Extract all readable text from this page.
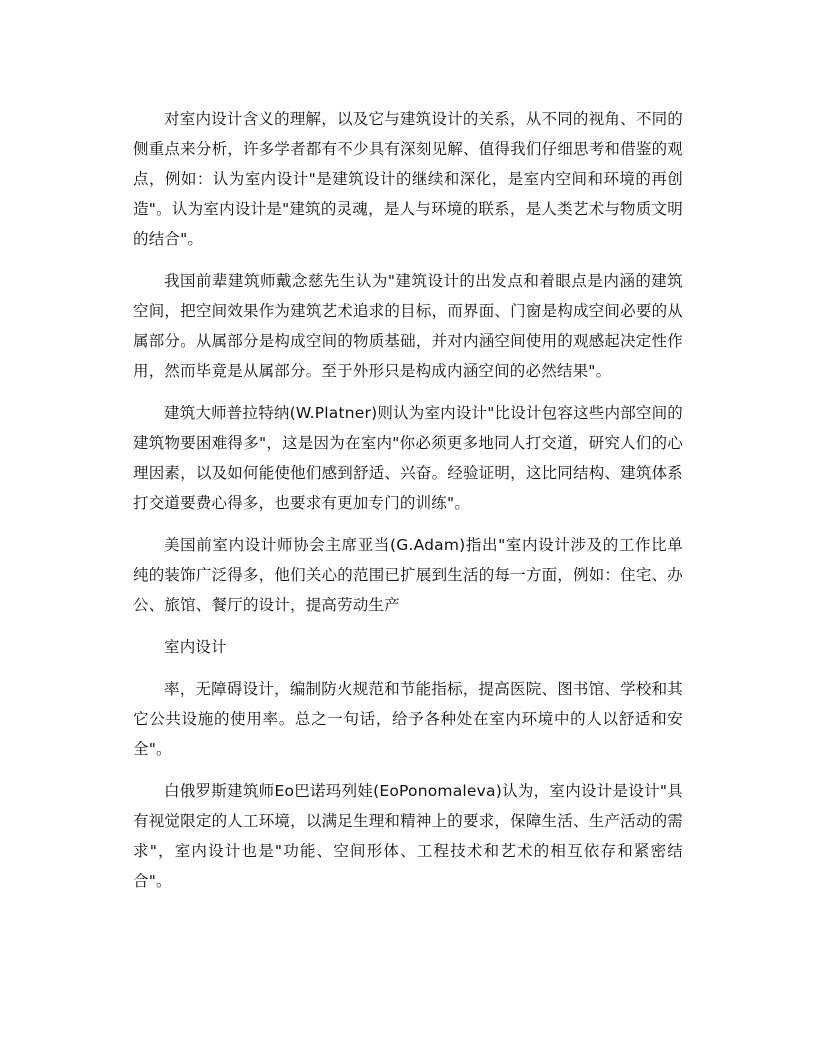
对室内设计含义的理解，以及它与建筑设计的关系，从不同的视角、不同的侧重点来分析，许多学者都有不少具有深刻见解、值得我们仔细思考和借鉴的观点，例如：认为室内设计"是建筑设计的继续和深化，是室内空间和环境的再创造"。认为室内设计是"建筑的灵魂，是人与环境的联系，是人类艺术与物质文明的结合"。

我国前辈建筑师戴念慈先生认为"建筑设计的出发点和着眼点是内涵的建筑空间，把空间效果作为建筑艺术追求的目标，而界面、门窗是构成空间必要的从属部分。从属部分是构成空间的物质基础，并对内涵空间使用的观感起决定性作用，然而毕竟是从属部分。至于外形只是构成内涵空间的必然结果"。

建筑大师普拉特纳(W.Platner)则认为室内设计"比设计包容这些内部空间的建筑物要困难得多"，这是因为在室内"你必须更多地同人打交道，研究人们的心理因素，以及如何能使他们感到舒适、兴奋。经验证明，这比同结构、建筑体系打交道要费心得多，也要求有更加专门的训练"。

美国前室内设计师协会主席亚当(G.Adam)指出"室内设计涉及的工作比单纯的装饰广泛得多，他们关心的范围已扩展到生活的每一方面，例如：住宅、办公、旅馆、餐厅的设计，提高劳动生产

室内设计

率，无障碍设计，编制防火规范和节能指标，提高医院、图书馆、学校和其它公共设施的使用率。总之一句话，给予各种处在室内环境中的人以舒适和安全"。

白俄罗斯建筑师Eo巴诺玛列娃(EoPonomaleva)认为，室内设计是设计"具有视觉限定的人工环境，以满足生理和精神上的要求，保障生活、生产活动的需求"，室内设计也是"功能、空间形体、工程技术和艺术的相互依存和紧密结合"。
